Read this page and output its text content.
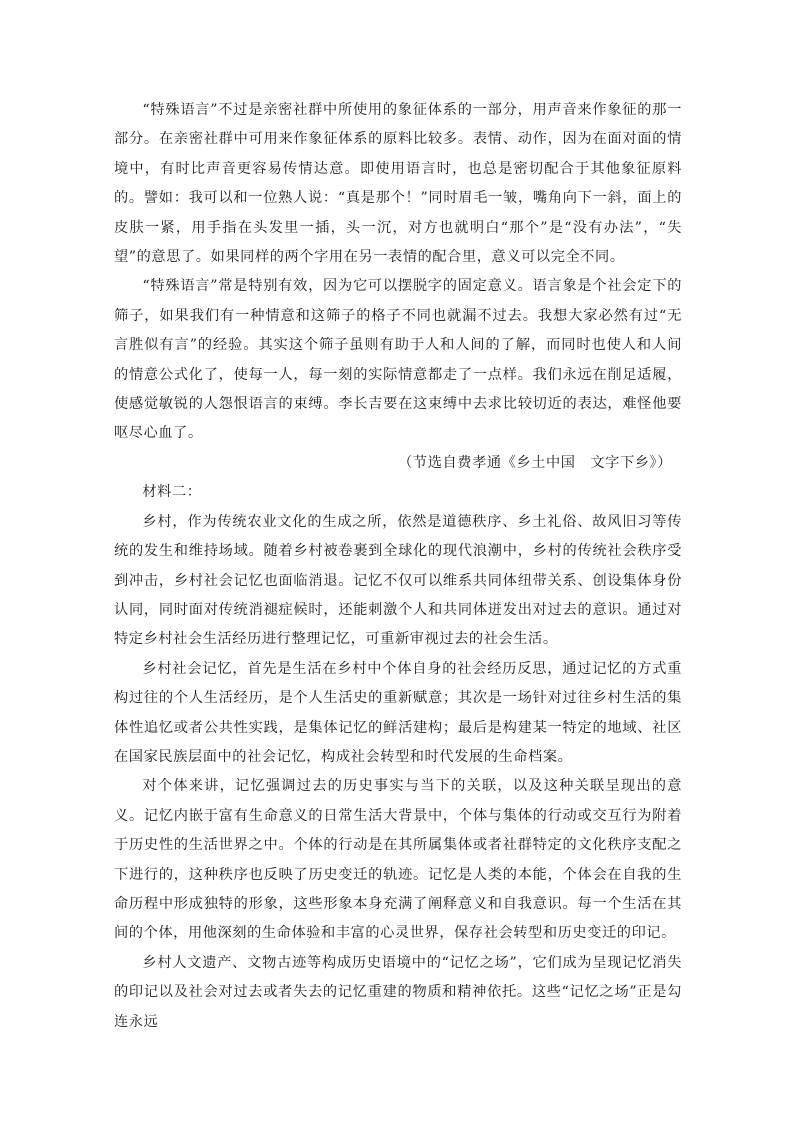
“特殊语言”不过是亲密社群中所使用的象征体系的一部分，用声音来作象征的那一部分。在亲密社群中可用来作象征体系的原料比较多。表情、动作，因为在面对面的情境中，有时比声音更容易传情达意。即使用语言时，也总是密切配合于其他象征原料的。譬如：我可以和一位熟人说：“真是那个！”同时眉毛一皱，嘴角向下一斜，面上的皮肤一紧，用手指在头发里一插，头一沉，对方也就明白“那个”是“没有办法”，“失望”的意思了。如果同样的两个字用在另一表情的配合里，意义可以完全不同。

“特殊语言”常是特别有效，因为它可以摆脱字的固定意义。语言象是个社会定下的筛子，如果我们有一种情意和这筛子的格子不同也就漏不过去。我想大家必然有过“无言胜似有言”的经验。其实这个筛子虽则有助于人和人间的了解，而同时也使人和人间的情意公式化了，使每一人，每一刻的实际情意都走了一点样。我们永远在削足适履，使感觉敏锐的人怨恨语言的束缚。李长吉要在这束缚中去求比较切近的表达，难怪他要呕尽心血了。

（节选自费孝通《乡土中国　文字下乡》）

材料二：

乡村，作为传统农业文化的生成之所，依然是道德秩序、乡土礼俗、故风旧习等传统的发生和维持场域。随着乡村被卷裹到全球化的现代浪潮中，乡村的传统社会秩序受到冲击，乡村社会记忆也面临消退。记忆不仅可以维系共同体纽带关系、创设集体身份认同，同时面对传统消褪症候时，还能刺激个人和共同体迸发出对过去的意识。通过对特定乡村社会生活经历进行整理记忆，可重新审视过去的社会生活。

乡村社会记忆，首先是生活在乡村中个体自身的社会经历反思，通过记忆的方式重构过往的个人生活经历，是个人生活史的重新赋意；其次是一场针对过往乡村生活的集体性追忆或者公共性实践，是集体记忆的鲜活建构；最后是构建某一特定的地域、社区在国家民族层面中的社会记忆，构成社会转型和时代发展的生命档案。

对个体来讲，记忆强调过去的历史事实与当下的关联，以及这种关联呈现出的意义。记忆内嵌于富有生命意义的日常生活大背景中，个体与集体的行动或交互行为附着于历史性的生活世界之中。个体的行动是在其所属集体或者社群特定的文化秩序支配之下进行的，这种秩序也反映了历史变迁的轨迹。记忆是人类的本能，个体会在自我的生命历程中形成独特的形象，这些形象本身充满了阐释意义和自我意识。每一个生活在其间的个体，用他深刻的生命体验和丰富的心灵世界，保存社会转型和历史变迁的印记。

乡村人文遗产、文物古迹等构成历史语境中的“记忆之场”，它们成为呈现记忆消失的印记以及社会对过去或者失去的记忆重建的物质和精神依托。这些“记忆之场”正是勾连永远
